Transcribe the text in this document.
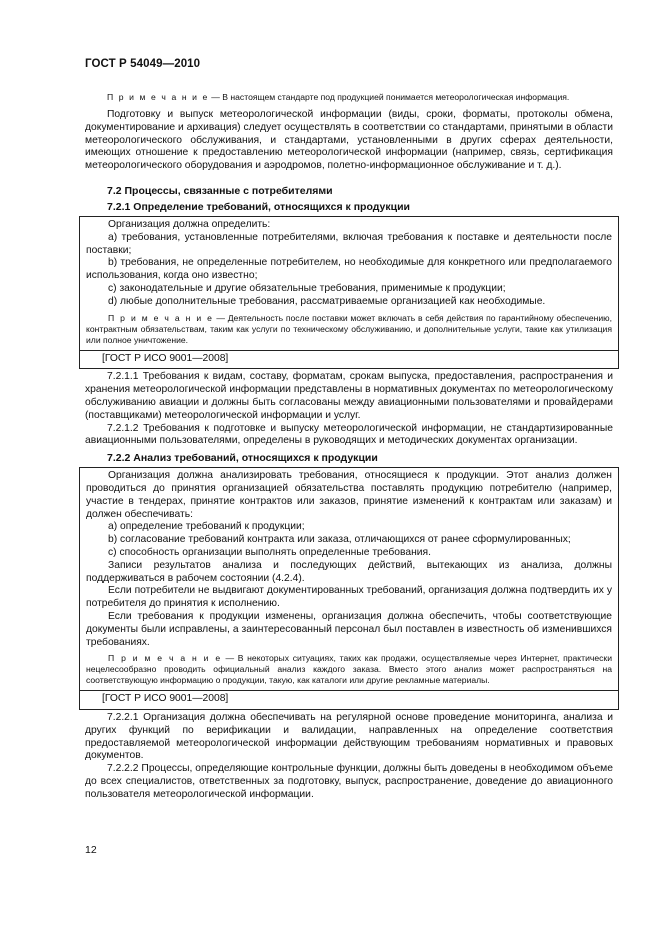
ГОСТ Р 54049—2010

П р и м е ч а н и е — В настоящем стандарте под продукцией понимается метеорологическая информация.

Подготовку и выпуск метеорологической информации (виды, сроки, форматы, протоколы обмена, документирование и архивация) следует осуществлять в соответствии со стандартами, принятыми в области метеорологического обслуживания, и стандартами, установленными в других сферах деятельности, имеющих отношение к предоставлению метеорологической информации (например, связь, сертификация метеорологического оборудования и аэродромов, полетно-информационное обслуживание и т. д.).

7.2 Процессы, связанные с потребителями
7.2.1 Определение требований, относящихся к продукции

Организация должна определить:

a) требования, установленные потребителями, включая требования к поставке и деятельности после поставки;

b) требования, не определенные потребителем, но необходимые для конкретного или предполагаемого использования, когда оно известно;

c) законодательные и другие обязательные требования, применимые к продукции;

d) любые дополнительные требования, рассматриваемые организацией как необходимые.

П р и м е ч а н и е — Деятельность после поставки может включать в себя действия по гарантийному обеспечению, контрактным обязательствам, таким как услуги по техническому обслуживанию, и дополнительные услуги, такие как утилизация или полное уничтожение.

[ГОСТ Р ИСО 9001—2008]

7.2.1.1 Требования к видам, составу, форматам, срокам выпуска, предоставления, распространения и хранения метеорологической информации представлены в нормативных документах по метеорологическому обслуживанию авиации и должны быть согласованы между авиационными пользователями и провайдерами (поставщиками) метеорологической информации и услуг.

7.2.1.2 Требования к подготовке и выпуску метеорологической информации, не стандартизированные авиационными пользователями, определены в руководящих и методических документах организации.

7.2.2 Анализ требований, относящихся к продукции

Организация должна анализировать требования, относящиеся к продукции. Этот анализ должен проводиться до принятия организацией обязательства поставлять продукцию потребителю (например, участие в тендерах, принятие контрактов или заказов, принятие изменений к контрактам или заказам) и должен обеспечивать:

a) определение требований к продукции;

b) согласование требований контракта или заказа, отличающихся от ранее сформулированных;

c) способность организации выполнять определенные требования.

Записи результатов анализа и последующих действий, вытекающих из анализа, должны поддерживаться в рабочем состоянии (4.2.4).

Если потребители не выдвигают документированных требований, организация должна подтвердить их у потребителя до принятия к исполнению.

Если требования к продукции изменены, организация должна обеспечить, чтобы соответствующие документы были исправлены, а заинтересованный персонал был поставлен в известность об изменившихся требованиях.

П р и м е ч а н и е — В некоторых ситуациях, таких как продажи, осуществляемые через Интернет, практически нецелесообразно проводить официальный анализ каждого заказа. Вместо этого анализ может распространяться на соответствующую информацию о продукции, такую, как каталоги или другие рекламные материалы.

[ГОСТ Р ИСО 9001—2008]

7.2.2.1 Организация должна обеспечивать на регулярной основе проведение мониторинга, анализа и других функций по верификации и валидации, направленных на определение соответствия предоставляемой метеорологической информации действующим требованиям нормативных и правовых документов.

7.2.2.2 Процессы, определяющие контрольные функции, должны быть доведены в необходимом объеме до всех специалистов, ответственных за подготовку, выпуск, распространение, доведение до авиационного пользователя метеорологической информации.

12
